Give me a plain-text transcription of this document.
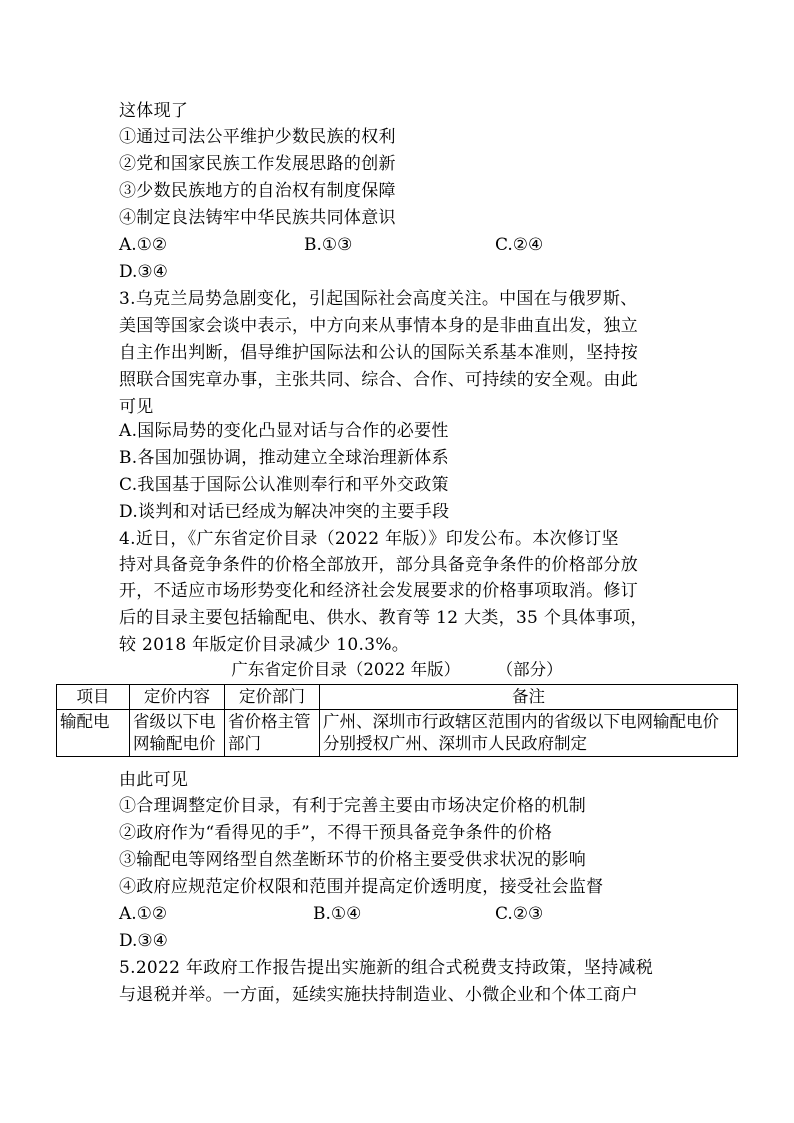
这体现了
①通过司法公平维护少数民族的权利
②党和国家民族工作发展思路的创新
③少数民族地方的自治权有制度保障
④制定良法铸牢中华民族共同体意识
A.①②	B.①③	C.②④
D.③④
3.乌克兰局势急剧变化，引起国际社会高度关注。中国在与俄罗斯、
美国等国家会谈中表示，中方向来从事情本身的是非曲直出发，独立
自主作出判断，倡导维护国际法和公认的国际关系基本准则，坚持按
照联合国宪章办事，主张共同、综合、合作、可持续的安全观。由此
可见
A.国际局势的变化凸显对话与合作的必要性
B.各国加强协调，推动建立全球治理新体系
C.我国基于国际公认准则奉行和平外交政策
D.谈判和对话已经成为解决冲突的主要手段
4.近日，《广东省定价目录（2022 年版）》印发公布。本次修订坚
持对具备竞争条件的价格全部放开，部分具备竞争条件的价格部分放
开，不适应市场形势变化和经济社会发展要求的价格事项取消。修订
后的目录主要包括输配电、供水、教育等 12 大类，35 个具体事项，
较 2018 年版定价目录减少 10.3%。
广东省定价目录（2022 年版） （部分）
项目	定价内容	定价部门	备注
输配电	省级以下电网输配电价	省价格主管部门	广州、深圳市行政辖区范围内的省级以下电网输配电价分别授权广州、深圳市人民政府制定
由此可见
①合理调整定价目录，有利于完善主要由市场决定价格的机制
②政府作为“看得见的手”，不得干预具备竞争条件的价格
③输配电等网络型自然垄断环节的价格主要受供求状况的影响
④政府应规范定价权限和范围并提高定价透明度，接受社会监督
A.①②	B.①④	C.②③
D.③④
5.2022 年政府工作报告提出实施新的组合式税费支持政策，坚持减税
与退税并举。一方面，延续实施扶持制造业、小微企业和个体工商户
